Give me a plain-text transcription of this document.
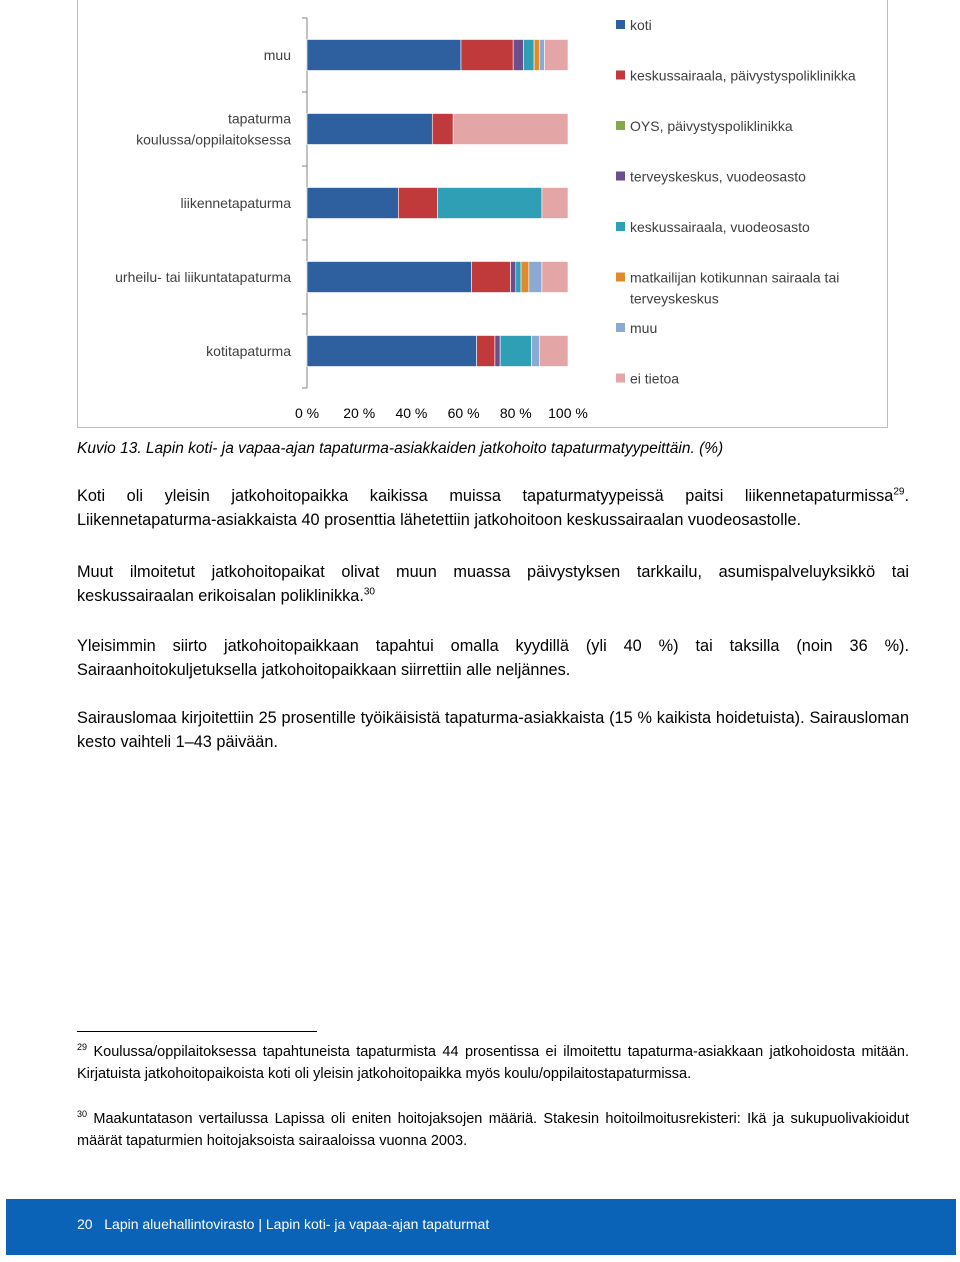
muu
tapaturma
koulussa/oppilaitoksessa
liikennetapaturma
urheilu- tai liikuntatapaturma
kotitapaturma
0 % 20 % 40 % 60 % 80 % 100 %
koti
keskussairaala, päivystyspoliklinikka
OYS, päivystyspoliklinikka
terveyskeskus, vuodeosasto
keskussairaala, vuodeosasto
matkailijan kotikunnan sairaala tai
terveyskeskus
muu
ei tietoa

Kuvio 13. Lapin koti- ja vapaa-ajan tapaturma-asiakkaiden jatkohoito tapaturmatyypeittäin. (%)

Koti oli yleisin jatkohoitopaikka kaikissa muissa tapaturmatyypeissä paitsi liikennetapaturmissa$^{29}$. Liikennetapaturma-asiakkaista 40 prosenttia lähetettiin jatkohoitoon keskussairaalan vuodeosastolle.

Muut ilmoitetut jatkohoitopaikat olivat muun muassa päivystyksen tarkkailu, asumispalveluyksikkö tai keskussairaalan erikoisalan poliklinikka.$^{30}$

Yleisimmin siirto jatkohoitopaikkaan tapahtui omalla kyydillä (yli 40 %) tai taksilla (noin 36 %). Sairaanhoitokuljetuksella jatkohoitopaikkaan siirrettiin alle neljännes.

Sairauslomaa kirjoitettiin 25 prosentille työikäisistä tapaturma-asiakkaista (15 % kaikista hoidetuista). Sairausloman kesto vaihteli 1–43 päivään.

$^{29}$ Koulussa/oppilaitoksessa tapahtuneista tapaturmista 44 prosentissa ei ilmoitettu tapaturma-asiakkaan jatkohoidosta mitään. Kirjatuista jatkohoitopaikoista koti oli yleisin jatkohoitopaikka myös koulu/oppilaitostapaturmissa.

$^{30}$ Maakuntatason vertailussa Lapissa oli eniten hoitojaksojen määriä. Stakesin hoitoilmoitusrekisteri: Ikä ja sukupuolivakioidut määrät tapaturmien hoitojaksoista sairaaloissa vuonna 2003.

20 Lapin aluehallintovirasto | Lapin koti- ja vapaa-ajan tapaturmat
